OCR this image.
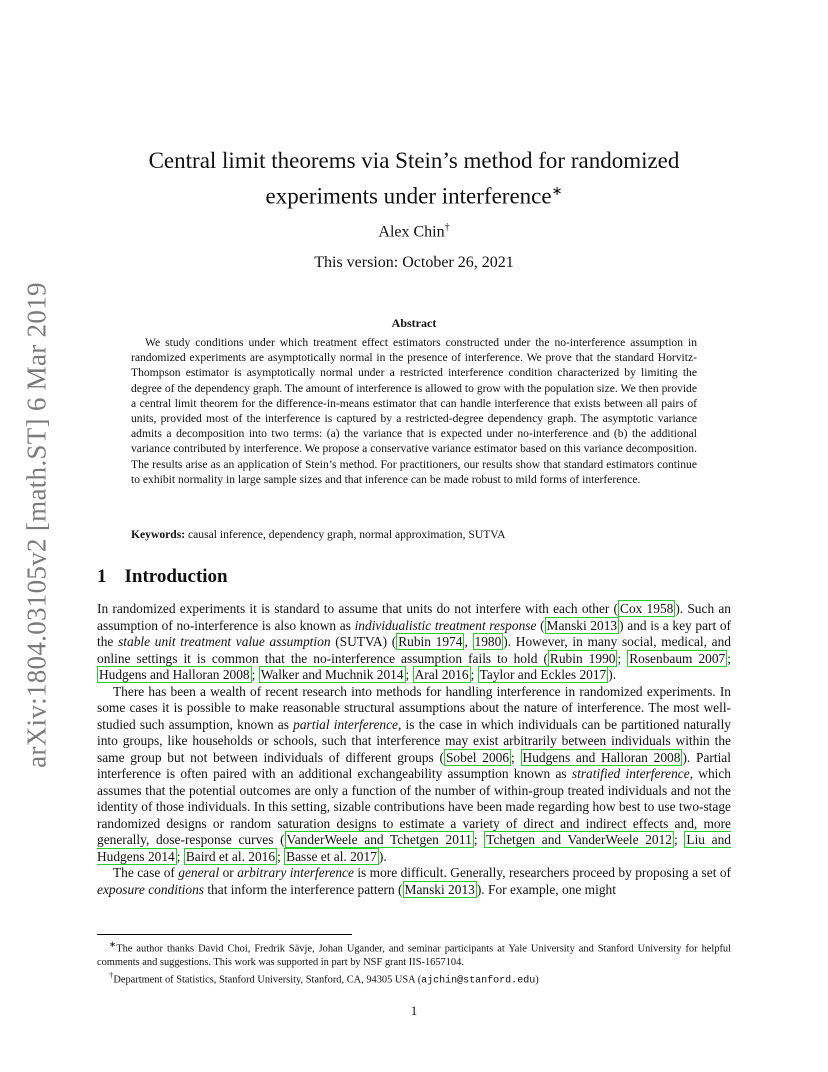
arXiv:1804.03105v2 [math.ST] 6 Mar 2019
Central limit theorems via Stein’s method for randomized
experiments under interference∗
Alex Chin†
This version: October 26, 2021
Abstract

We study conditions under which treatment effect estimators constructed under the no-interference assumption in randomized experiments are asymptotically normal in the presence of interference. We prove that the standard Horvitz-Thompson estimator is asymptotically normal under a restricted interference condition characterized by limiting the degree of the dependency graph. The amount of interference is allowed to grow with the population size. We then provide a central limit theorem for the difference-in-means estimator that can handle interference that exists between all pairs of units, provided most of the interference is captured by a restricted-degree dependency graph. The asymptotic variance admits a decomposition into two terms: (a) the variance that is expected under no-interference and (b) the additional variance contributed by interference. We propose a conservative variance estimator based on this variance decomposition. The results arise as an application of Stein’s method. For practitioners, our results show that standard estimators continue to exhibit normality in large sample sizes and that inference can be made robust to mild forms of interference.

Keywords: causal inference, dependency graph, normal approximation, SUTVA
1 Introduction

In randomized experiments it is standard to assume that units do not interfere with each other ( Cox 1958 ). Such an assumption of no-interference is also known as individualistic treatment response ( Manski 2013 ) and is a key part of the stable unit treatment value assumption (SUTVA) ( Rubin 1974 , 1980 ). However, in many social, medical, and online settings it is common that the no-interference assumption fails to hold ( Rubin 1990 ; Rosenbaum 2007 ; Hudgens and Halloran 2008 ; Walker and Muchnik 2014 ; Aral 2016 ; Taylor and Eckles 2017 ).

There has been a wealth of recent research into methods for handling interference in randomized experiments. In some cases it is possible to make reasonable structural assumptions about the nature of interference. The most well-studied such assumption, known as partial interference, is the case in which individuals can be partitioned naturally into groups, like households or schools, such that interference may exist arbitrarily between individuals within the same group but not between individuals of different groups ( Sobel 2006 ; Hudgens and Halloran 2008 ). Partial interference is often paired with an additional exchangeability assumption known as stratified interference, which assumes that the potential outcomes are only a function of the number of within-group treated individuals and not the identity of those individuals. In this setting, sizable contributions have been made regarding how best to use two-stage randomized designs or random saturation designs to estimate a variety of direct and indirect effects and, more generally, dose-response curves ( VanderWeele and Tchetgen 2011 ; Tchetgen and VanderWeele 2012 ; Liu and Hudgens 2014 ; Baird et al. 2016 ; Basse et al. 2017 ).

The case of general or arbitrary interference is more difficult. Generally, researchers proceed by proposing a set of exposure conditions that inform the interference pattern ( Manski 2013 ). For example, one might

∗The author thanks David Choi, Fredrik Sävje, Johan Ugander, and seminar participants at Yale University and Stanford University for helpful comments and suggestions. This work was supported in part by NSF grant IIS-1657104.

†Department of Statistics, Stanford University, Stanford, CA, 94305 USA (ajchin@stanford.edu)

1
